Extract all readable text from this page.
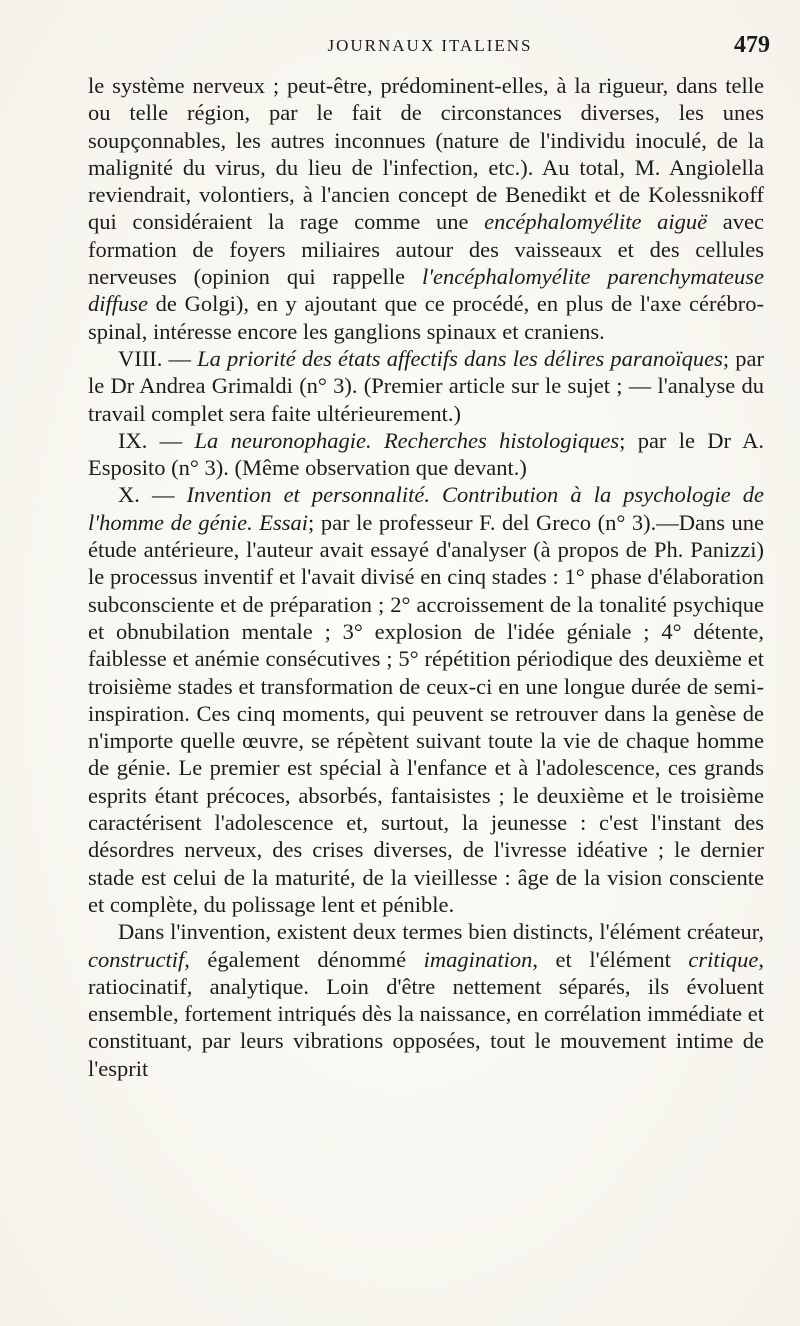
JOURNAUX ITALIENS	479

le système nerveux ; peut-être, prédominent-elles, à la rigueur, dans telle ou telle région, par le fait de circonstances diverses, les unes soupçonnables, les autres inconnues (nature de l'individu inoculé, de la malignité du virus, du lieu de l'infection, etc.). Au total, M. Angiolella reviendrait, volontiers, à l'ancien concept de Benedikt et de Kolessnikoff qui considéraient la rage comme une encéphalomyélite aiguë avec formation de foyers miliaires autour des vaisseaux et des cellules nerveuses (opinion qui rappelle l'encéphalomyélite parenchymateuse diffuse de Golgi), en y ajoutant que ce procédé, en plus de l'axe cérébro-spinal, intéresse encore les ganglions spinaux et craniens.

VIII. — La priorité des états affectifs dans les délires paranoïques; par le Dr Andrea Grimaldi (n° 3). (Premier article sur le sujet ; — l'analyse du travail complet sera faite ultérieurement.)

IX. — La neuronophagie. Recherches histologiques; par le Dr A. Esposito (n° 3). (Même observation que devant.)

X. — Invention et personnalité. Contribution à la psychologie de l'homme de génie. Essai; par le professeur F. del Greco (n° 3).—Dans une étude antérieure, l'auteur avait essayé d'analyser (à propos de Ph. Panizzi) le processus inventif et l'avait divisé en cinq stades : 1° phase d'élaboration subconsciente et de préparation ; 2° accroissement de la tonalité psychique et obnubilation mentale ; 3° explosion de l'idée géniale ; 4° détente, faiblesse et anémie consécutives ; 5° répétition périodique des deuxième et troisième stades et transformation de ceux-ci en une longue durée de semi-inspiration. Ces cinq moments, qui peuvent se retrouver dans la genèse de n'importe quelle œuvre, se répètent suivant toute la vie de chaque homme de génie. Le premier est spécial à l'enfance et à l'adolescence, ces grands esprits étant précoces, absorbés, fantaisistes ; le deuxième et le troisième caractérisent l'adolescence et, surtout, la jeunesse : c'est l'instant des désordres nerveux, des crises diverses, de l'ivresse idéative ; le dernier stade est celui de la maturité, de la vieillesse : âge de la vision consciente et complète, du polissage lent et pénible.

Dans l'invention, existent deux termes bien distincts, l'élément créateur, constructif, également dénommé imagination, et l'élément critique, ratiocinatif, analytique. Loin d'être nettement séparés, ils évoluent ensemble, fortement intriqués dès la naissance, en corrélation immédiate et constituant, par leurs vibrations opposées, tout le mouvement intime de l'esprit
